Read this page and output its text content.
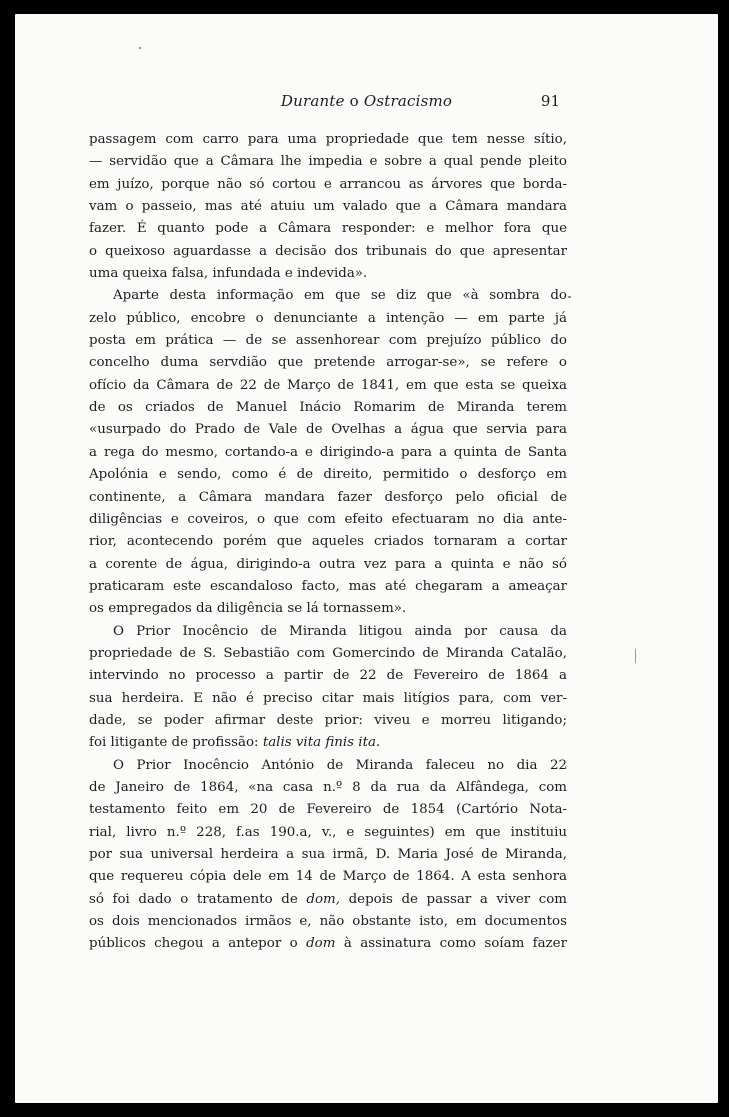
Durante o Ostracismo	91
passagem com carro para uma propriedade que tem nesse sítio,
— servidão que a Câmara lhe impedia e sobre a qual pende pleito
em juízo, porque não só cortou e arrancou as árvores que borda-
vam o passeio, mas até atuiu um valado que a Câmara mandara
fazer. É quanto pode a Câmara responder: e melhor fora que
o queixoso aguardasse a decisão dos tribunais do que apresentar
uma queixa falsa, infundada e indevida».
Aparte desta informação em que se diz que «à sombra do
zelo público, encobre o denunciante a intenção — em parte já
posta em prática — de se assenhorear com prejuízo público do
concelho duma servdião que pretende arrogar-se», se refere o
ofício da Câmara de 22 de Março de 1841, em que esta se queixa
de os criados de Manuel Inácio Romarim de Miranda terem
«usurpado do Prado de Vale de Ovelhas a água que servia para
a rega do mesmo, cortando-a e dirigindo-a para a quinta de Santa
Apolónia e sendo, como é de direito, permitido o desforço em
continente, a Câmara mandara fazer desforço pelo oficial de
diligências e coveiros, o que com efeito efectuaram no dia ante-
rior, acontecendo porém que aqueles criados tornaram a cortar
a corente de água, dirigindo-a outra vez para a quinta e não só
praticaram este escandaloso facto, mas até chegaram a ameaçar
os empregados da diligência se lá tornassem».
O Prior Inocêncio de Miranda litigou ainda por causa da
propriedade de S. Sebastião com Gomercindo de Miranda Catalão,
intervindo no processo a partir de 22 de Fevereiro de 1864 a
sua herdeira. E não é preciso citar mais litígios para, com ver-
dade, se poder afirmar deste prior: viveu e morreu litigando;
foi litigante de profissão: talis vita finis ita.
O Prior Inocêncio António de Miranda faleceu no dia 22
de Janeiro de 1864, «na casa n.º 8 da rua da Alfândega, com
testamento feito em 20 de Fevereiro de 1854 (Cartório Nota-
rial, livro n.º 228, f.as 190.a, v., e seguintes) em que instituiu
por sua universal herdeira a sua irmã, D. Maria José de Miranda,
que requereu cópia dele em 14 de Março de 1864. A esta senhora
só foi dado o tratamento de dom, depois de passar a viver com
os dois mencionados irmãos e, não obstante isto, em documentos
públicos chegou a antepor o dom à assinatura como soíam fazer
